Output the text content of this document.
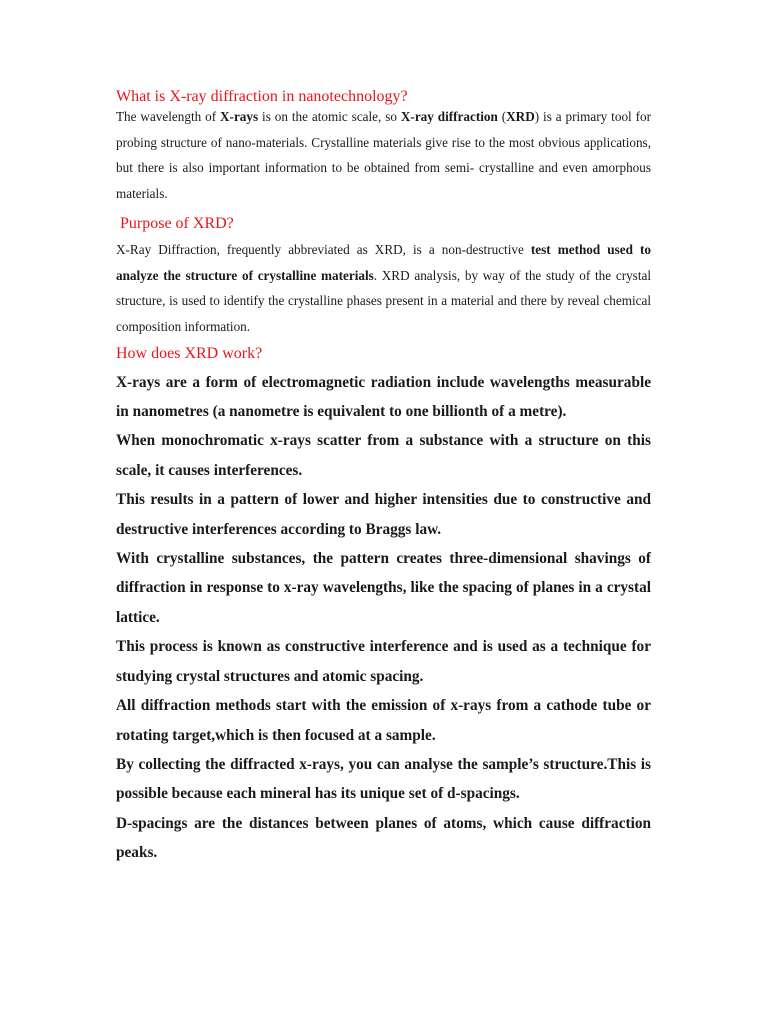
What is X-ray diffraction in nanotechnology?

The wavelength of X-rays is on the atomic scale, so X-ray diffraction (XRD) is a primary tool for probing structure of nano-materials. Crystalline materials give rise to the most obvious applications, but there is also important information to be obtained from semi- crystalline and even amorphous materials.

Purpose of XRD?

X-Ray Diffraction, frequently abbreviated as XRD, is a non-destructive test method used to analyze the structure of crystalline materials. XRD analysis, by way of the study of the crystal structure, is used to identify the crystalline phases present in a material and there by reveal chemical composition information.

How does XRD work?

X-rays are a form of electromagnetic radiation include wavelengths measurable in nanometres (a nanometre is equivalent to one billionth of a metre).

When monochromatic x-rays scatter from a substance with a structure on this scale, it causes interferences.

This results in a pattern of lower and higher intensities due to constructive and destructive interferences according to Braggs law.

With crystalline substances, the pattern creates three-dimensional shavings of diffraction in response to x-ray wavelengths, like the spacing of planes in a crystal lattice.

This process is known as constructive interference and is used as a technique for studying crystal structures and atomic spacing.

All diffraction methods start with the emission of x-rays from a cathode tube or rotating target,which is then focused at a sample.

By collecting the diffracted x-rays, you can analyse the sample’s structure.This is possible because each mineral has its unique set of d-spacings.

D-spacings are the distances between planes of atoms, which cause diffraction peaks.
